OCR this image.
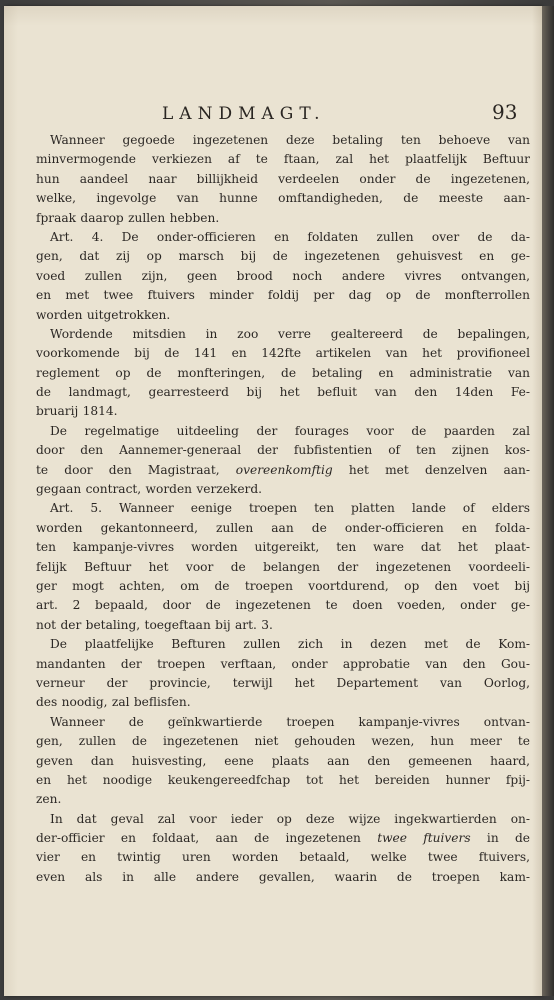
LANDMAGT.	93
Wanneer gegoede ingezetenen deze betaling ten behoeve van
minvermogende verkiezen af te ftaan, zal het plaatfelijk Beftuur
hun aandeel naar billijkheid verdeelen onder de ingezetenen,
welke, ingevolge van hunne omftandigheden, de meeste aan-
fpraak daarop zullen hebben.
Art. 4. De onder-officieren en foldaten zullen over de da-
gen, dat zij op marsch bij de ingezetenen gehuisvest en ge-
voed zullen zijn, geen brood noch andere vivres ontvangen,
en met twee ftuivers minder foldij per dag op de monfterrollen
worden uitgetrokken.
Wordende mitsdien in zoo verre gealtereerd de bepalingen,
voorkomende bij de 141 en 142fte artikelen van het provifioneel
reglement op de monfteringen, de betaling en administratie van
de landmagt, gearresteerd bij het befluit van den 14den Fe-
bruarij 1814.
De regelmatige uitdeeling der fourages voor de paarden zal
door den Aannemer-generaal der fubfistentien of ten zijnen kos-
te door den Magistraat, overeenkomftig het met denzelven aan-
gegaan contract, worden verzekerd.
Art. 5. Wanneer eenige troepen ten platten lande of elders
worden gekantonneerd, zullen aan de onder-officieren en folda-
ten kampanje-vivres worden uitgereikt, ten ware dat het plaat-
felijk Beftuur het voor de belangen der ingezetenen voordeeli-
ger mogt achten, om de troepen voortdurend, op den voet bij
art. 2 bepaald, door de ingezetenen te doen voeden, onder ge-
not der betaling, toegeftaan bij art. 3.
De plaatfelijke Befturen zullen zich in dezen met de Kom-
mandanten der troepen verftaan, onder approbatie van den Gou-
verneur der provincie, terwijl het Departement van Oorlog,
des noodig, zal beflisfen.
Wanneer de geïnkwartierde troepen kampanje-vivres ontvan-
gen, zullen de ingezetenen niet gehouden wezen, hun meer te
geven dan huisvesting, eene plaats aan den gemeenen haard,
en het noodige keukengereedfchap tot het bereiden hunner fpij-
zen.
In dat geval zal voor ieder op deze wijze ingekwartierden on-
der-officier en foldaat, aan de ingezetenen twee ftuivers in de
vier en twintig uren worden betaald, welke twee ftuivers,
even als in alle andere gevallen, waarin de troepen kam-
